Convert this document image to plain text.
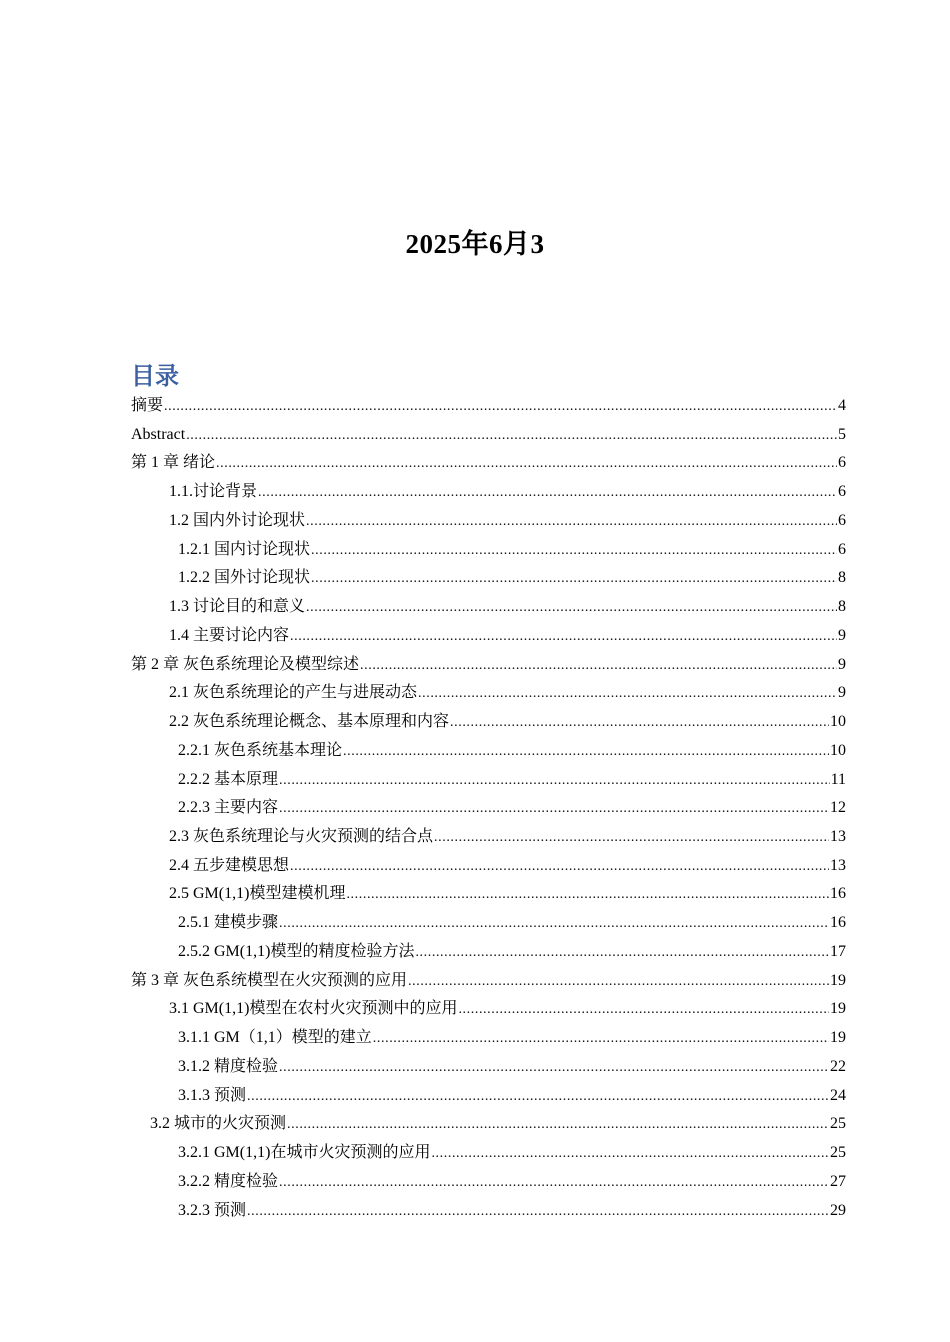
2025年6月3
目录
摘要 .....	4
Abstract .....	5
第 1 章 绪论 .....	6
1.1.讨论背景 .....	6
1.2 国内外讨论现状 .....	6
1.2.1 国内讨论现状 .....	6
1.2.2 国外讨论现状 .....	8
1.3 讨论目的和意义 .....	8
1.4 主要讨论内容 .....	9
第 2 章 灰色系统理论及模型综述 .....	9
2.1 灰色系统理论的产生与进展动态 .....	9
2.2 灰色系统理论概念、基本原理和内容 .....	10
2.2.1 灰色系统基本理论 .....	10
2.2.2 基本原理 .....	11
2.2.3 主要内容 .....	12
2.3 灰色系统理论与火灾预测的结合点 .....	13
2.4 五步建模思想 .....	13
2.5 GM(1,1)模型建模机理 .....	16
2.5.1 建模步骤 .....	16
2.5.2 GM(1,1)模型的精度检验方法 .....	17
第 3 章 灰色系统模型在火灾预测的应用 .....	19
3.1 GM(1,1)模型在农村火灾预测中的应用 .....	19
3.1.1 GM（1,1）模型的建立 .....	19
3.1.2 精度检验 .....	22
3.1.3 预测 .....	24
3.2 城市的火灾预测 .....	25
3.2.1 GM(1,1)在城市火灾预测的应用 .....	25
3.2.2 精度检验 .....	27
3.2.3 预测 .....	29
